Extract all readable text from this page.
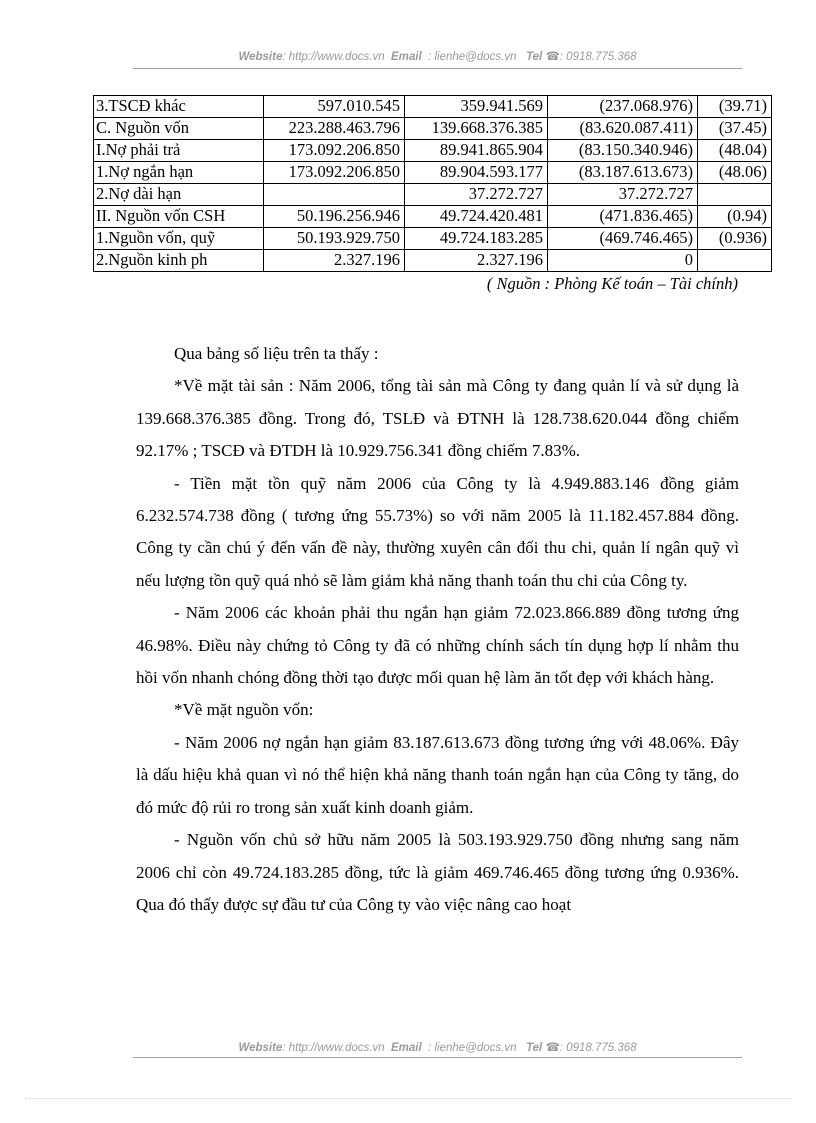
Website: http://www.docs.vn Email : lienhe@docs.vn Tel ☎: 0918.775.368
3.TSCĐ khác	597.010.545	359.941.569	(237.068.976)	(39.71)
C. Nguồn vốn	223.288.463.796	139.668.376.385	(83.620.087.411)	(37.45)
I.Nợ phải trả	173.092.206.850	89.941.865.904	(83.150.340.946)	(48.04)
1.Nợ ngắn hạn	173.092.206.850	89.904.593.177	(83.187.613.673)	(48.06)
2.Nợ dài hạn		37.272.727	37.272.727	
II. Nguồn vốn CSH	50.196.256.946	49.724.420.481	(471.836.465)	(0.94)
1.Nguồn vốn, quỹ	50.193.929.750	49.724.183.285	(469.746.465)	(0.936)
2.Nguồn kinh ph	2.327.196	2.327.196	0	
( Nguồn : Phòng Kế toán – Tài chính)

Qua bảng số liệu trên ta thấy :

*Về mặt tài sản : Năm 2006, tổng tài sản mà Công ty đang quản lí và sử dụng là 139.668.376.385 đồng. Trong đó, TSLĐ và ĐTNH là 128.738.620.044 đồng chiếm 92.17% ; TSCĐ và ĐTDH là 10.929.756.341 đồng chiếm 7.83%.

- Tiền mặt tồn quỹ năm 2006 của Công ty là 4.949.883.146 đồng giảm 6.232.574.738 đồng ( tương ứng 55.73%) so với năm 2005 là 11.182.457.884 đồng. Công ty cần chú ý đến vấn đề này, thường xuyên cân đối thu chi, quản lí ngân quỹ vì nếu lượng tồn quỹ quá nhỏ sẽ làm giảm khả năng thanh toán thu chi của Công ty.

- Năm 2006 các khoản phải thu ngắn hạn giảm 72.023.866.889 đồng tương ứng 46.98%. Điều này chứng tỏ Công ty đã có những chính sách tín dụng hợp lí nhằm thu hồi vốn nhanh chóng đồng thời tạo được mối quan hệ làm ăn tốt đẹp với khách hàng.

*Về mặt nguồn vốn:

- Năm 2006 nợ ngắn hạn giảm 83.187.613.673 đồng tương ứng với 48.06%. Đây là dấu hiệu khả quan vì nó thể hiện khả năng thanh toán ngắn hạn của Công ty tăng, do đó mức độ rủi ro trong sản xuất kinh doanh giảm.

- Nguồn vốn chủ sở hữu năm 2005 là 503.193.929.750 đồng nhưng sang năm 2006 chỉ còn 49.724.183.285 đồng, tức là giảm 469.746.465 đồng tương ứng 0.936%. Qua đó thấy được sự đầu tư của Công ty vào việc nâng cao hoạt

Website: http://www.docs.vn Email : lienhe@docs.vn Tel ☎: 0918.775.368
